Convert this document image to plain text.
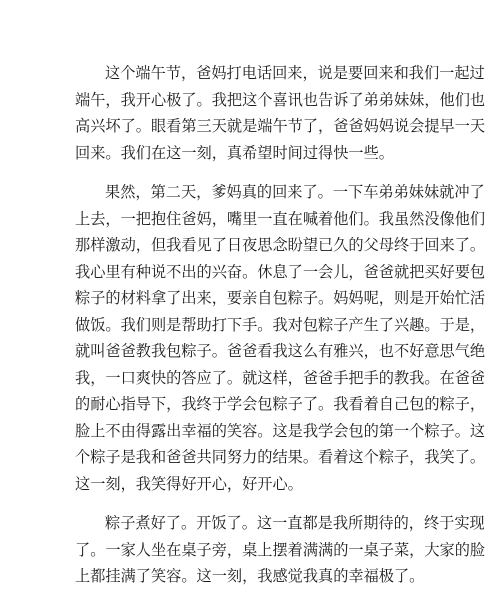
这个端午节，爸妈打电话回来，说是要回来和我们一起过
端午，我开心极了。我把这个喜讯也告诉了弟弟妹妹，他们也
高兴坏了。眼看第三天就是端午节了，爸爸妈妈说会提早一天
回来。我们在这一刻，真希望时间过得快一些。
果然，第二天，爹妈真的回来了。一下车弟弟妹妹就冲了
上去，一把抱住爸妈，嘴里一直在喊着他们。我虽然没像他们
那样激动，但我看见了日夜思念盼望已久的父母终于回来了。
我心里有种说不出的兴奋。休息了一会儿，爸爸就把买好要包
粽子的材料拿了出来，要亲自包粽子。妈妈呢，则是开始忙活
做饭。我们则是帮助打下手。我对包粽子产生了兴趣。于是，
就叫爸爸教我包粽子。爸爸看我这么有雅兴，也不好意思气绝
我，一口爽快的答应了。就这样，爸爸手把手的教我。在爸爸
的耐心指导下，我终于学会包粽子了。我看着自己包的粽子，
脸上不由得露出幸福的笑容。这是我学会包的第一个粽子。这
个粽子是我和爸爸共同努力的结果。看着这个粽子，我笑了。
这一刻，我笑得好开心，好开心。
粽子煮好了。开饭了。这一直都是我所期待的，终于实现
了。一家人坐在桌子旁，桌上摆着满满的一桌子菜，大家的脸
上都挂满了笑容。这一刻，我感觉我真的幸福极了。
